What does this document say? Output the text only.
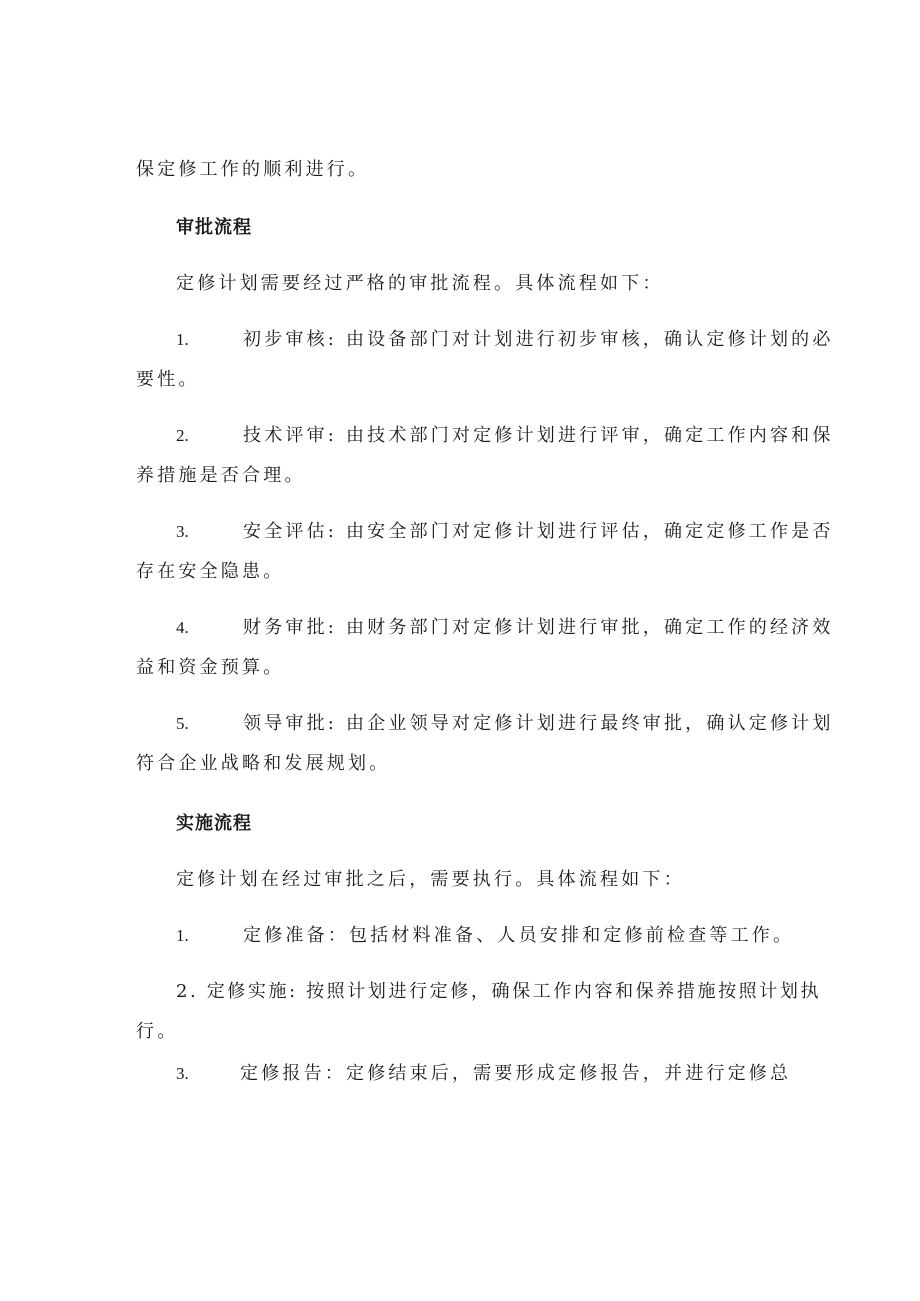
保定修工作的顺利进行。
审批流程
定修计划需要经过严格的审批流程。具体流程如下：
1.	初步审核: 由设备部门对计划进行初步审核，确认定修计划的必
要性。
2.	技术评审: 由技术部门对定修计划进行评审，确定工作内容和保
养措施是否合理。
3.	安全评估: 由安全部门对定修计划进行评估，确定定修工作是否
存在安全隐患。
4.	财务审批: 由财务部门对定修计划进行审批，确定工作的经济效
益和资金预算。
5.	领导审批: 由企业领导对定修计划进行最终审批，确认定修计划
符合企业战略和发展规划。
实施流程
定修计划在经过审批之后，需要执行。具体流程如下：
1.	定修准备：包括材料准备、人员安排和定修前检查等工作。
2. 定修实施: 按照计划进行定修，确保工作内容和保养措施按照计划执
行。
3.	定修报告：定修结束后，需要形成定修报告，并进行定修总
